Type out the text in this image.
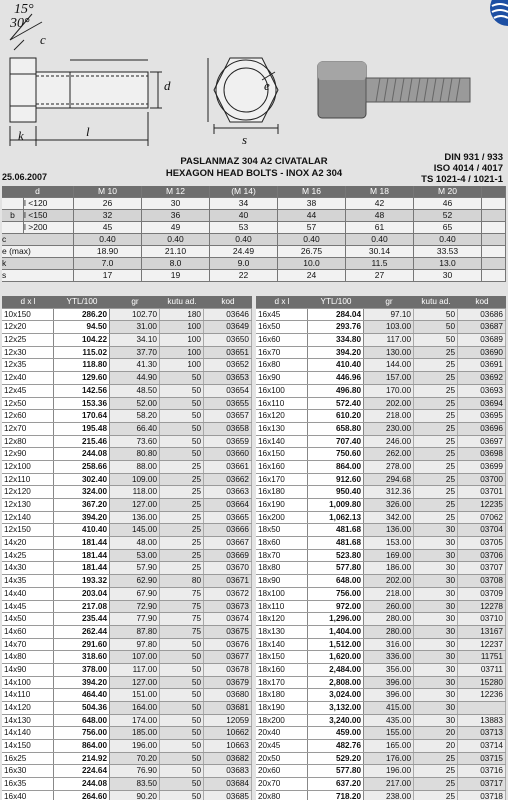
15°
30°
c
d	e
s
k	l
25.06.2007
PASLANMAZ 304 A2 CIVATALAR
HEXAGON HEAD BOLTS - INOX A2 304
DIN 931 / 933
ISO 4014 / 4017
TS 1021-4 / 1021-1
d	M 10	M 12	(M 14)	M 16	M 18	M 20
l <120	26	30	34	38	42	46
b	l <150	32	36	40	44	48	52
l >200	45	49	53	57	61	65
c	0.40	0.40	0.40	0.40	0.40	0.40
e (max)	18.90	21.10	24.49	26.75	30.14	33.53
k	7.0	8.0	9.0	10.0	11.5	13.0
s	17	19	22	24	27	30
d x l	YTL/100	gr	kutu ad.	kod
10x150	286.20	102.70	180	03646
12x20	94.50	31.00	100	03649
12x25	104.22	34.10	100	03650
12x30	115.02	37.70	100	03651
12x35	118.80	41.30	100	03652
12x40	129.60	44.90	50	03653
12x45	142.56	48.50	50	03654
12x50	153.36	52.00	50	03655
12x60	170.64	58.20	50	03657
12x70	195.48	66.40	50	03658
12x80	215.46	73.60	50	03659
12x90	244.08	80.80	50	03660
12x100	258.66	88.00	25	03661
12x110	302.40	109.00	25	03662
12x120	324.00	118.00	25	03663
12x130	367.20	127.00	25	03664
12x140	394.20	136.00	25	03665
12x150	410.40	145.00	25	03666
14x20	181.44	48.00	25	03667
14x25	181.44	53.00	25	03669
14x30	181.44	57.90	25	03670
14x35	193.32	62.90	80	03671
14x40	203.04	67.90	75	03672
14x45	217.08	72.90	75	03673
14x50	235.44	77.90	75	03674
14x60	262.44	87.80	75	03675
14x70	291.60	97.80	50	03676
14x80	318.60	107.00	50	03677
14x90	378.00	117.00	50	03678
14x100	394.20	127.00	50	03679
14x110	464.40	151.00	50	03680
14x120	504.36	164.00	50	03681
14x130	648.00	174.00	50	12059
14x140	756.00	185.00	50	10662
14x150	864.00	196.00	50	10663
16x25	214.92	70.20	50	03682
16x30	224.64	76.90	50	03683
16x35	244.08	83.50	50	03684
16x40	264.60	90.20	50	03685
d x l	YTL/100	gr	kutu ad.	kod
16x45	284.04	97.10	50	03686
16x50	293.76	103.00	50	03687
16x60	334.80	117.00	50	03689
16x70	394.20	130.00	25	03690
16x80	410.40	144.00	25	03691
16x90	446.96	157.00	25	03692
16x100	496.80	170.00	25	03693
16x110	572.40	202.00	25	03694
16x120	610.20	218.00	25	03695
16x130	658.80	230.00	25	03696
16x140	707.40	246.00	25	03697
16x150	750.60	262.00	25	03698
16x160	864.00	278.00	25	03699
16x170	912.60	294.68	25	03700
16x180	950.40	312.36	25	03701
16x190	1,009.80	326.00	25	12235
16x200	1,062.13	342.00	25	07062
18x50	481.68	136.00	30	03704
18x60	481.68	153.00	30	03705
18x70	523.80	169.00	30	03706
18x80	577.80	186.00	30	03707
18x90	648.00	202.00	30	03708
18x100	756.00	218.00	30	03709
18x110	972.00	260.00	30	12278
18x120	1,296.00	280.00	30	03710
18x130	1,404.00	280.00	30	13167
18x140	1,512.00	316.00	30	12237
18x150	1,620.00	336.00	30	11751
18x160	2,484.00	356.00	30	03711
18x170	2,808.00	396.00	30	15280
18x180	3,024.00	396.00	30	12236
18x190	3,132.00	415.00	30
18x200	3,240.00	435.00	30	13883
20x40	459.00	155.00	20	03713
20x45	482.76	165.00	20	03714
20x50	529.20	176.00	25	03715
20x60	577.80	196.00	25	03716
20x70	637.20	217.00	25	03717
20x80	718.20	238.00	25	03718
